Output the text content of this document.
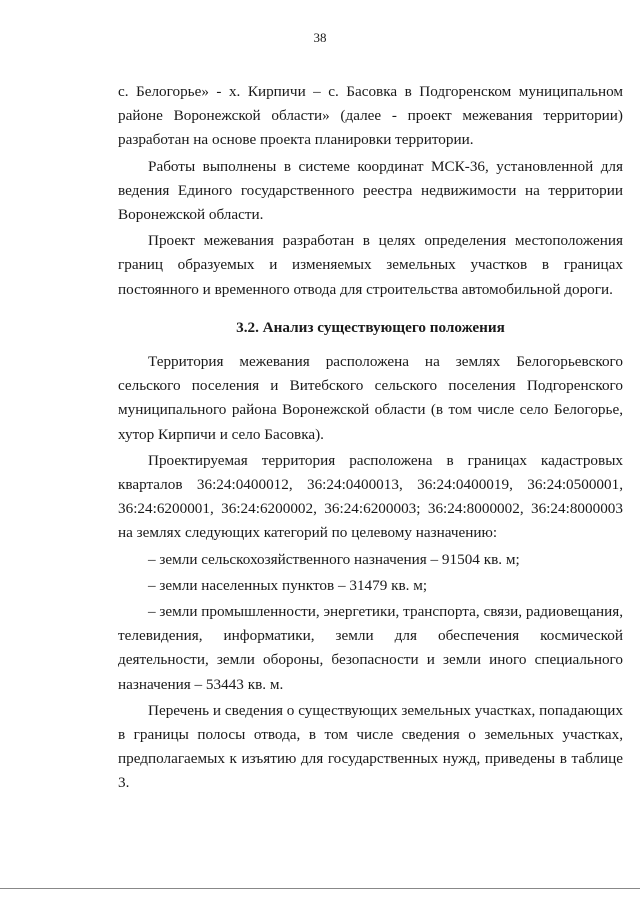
38

с. Белогорье» - х. Кирпичи – с. Басовка в Подгоренском муниципальном районе Воронежской области» (далее - проект межевания территории) разработан на основе проекта планировки территории.

Работы выполнены в системе координат МСК-36, установленной для ведения Единого государственного реестра недвижимости на территории Воронежской области.

Проект межевания разработан в целях определения местоположения границ образуемых и изменяемых земельных участков в границах постоянного и временного отвода для строительства автомобильной дороги.

3.2. Анализ существующего положения

Территория межевания расположена на землях Белогорьевского сельского поселения и Витебского сельского поселения Подгоренского муниципального района Воронежской области (в том числе село Белогорье, хутор Кирпичи и село Басовка).

Проектируемая территория расположена в границах кадастровых кварталов 36:24:0400012, 36:24:0400013, 36:24:0400019, 36:24:0500001, 36:24:6200001, 36:24:6200002, 36:24:6200003; 36:24:8000002, 36:24:8000003 на землях следующих категорий по целевому назначению:

– земли сельскохозяйственного назначения – 91504 кв. м;

– земли населенных пунктов – 31479 кв. м;

– земли промышленности, энергетики, транспорта, связи, радиовещания, телевидения, информатики, земли для обеспечения космической деятельности, земли обороны, безопасности и земли иного специального назначения – 53443 кв. м.

Перечень и сведения о существующих земельных участках, попадающих в границы полосы отвода, в том числе сведения о земельных участках, предполагаемых к изъятию для государственных нужд, приведены в таблице 3.
